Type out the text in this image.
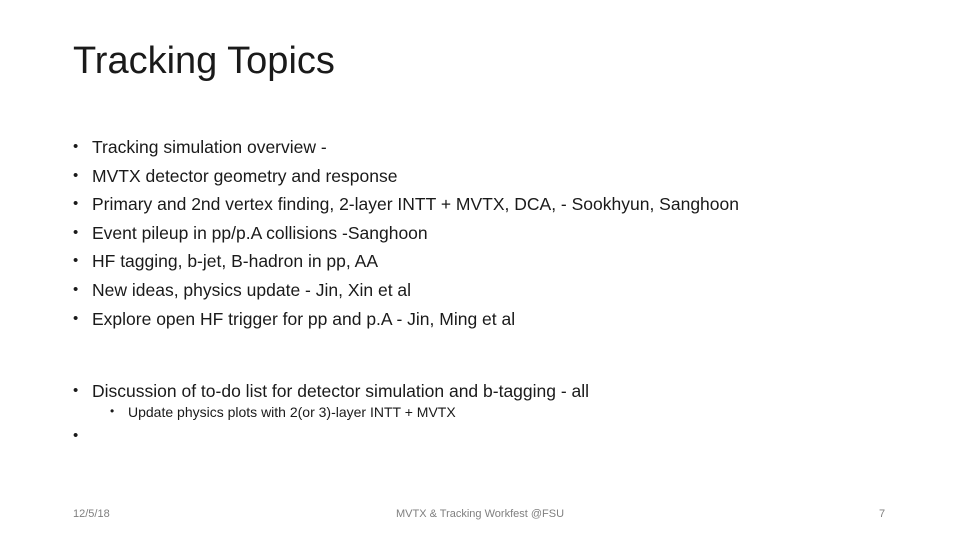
Tracking Topics
• Tracking simulation overview -
• MVTX detector geometry and response
• Primary and 2nd vertex finding, 2-layer INTT + MVTX, DCA, - Sookhyun, Sanghoon
• Event pileup in pp/p.A collisions -Sanghoon
• HF tagging, b-jet, B-hadron in pp, AA
• New ideas, physics update - Jin, Xin et al
• Explore open HF trigger for pp and p.A - Jin, Ming et al
• Discussion of to-do list for detector simulation and b-tagging - all
• Update physics plots with 2(or 3)-layer INTT + MVTX
•
12/5/18	MVTX & Tracking Workfest @FSU	7
